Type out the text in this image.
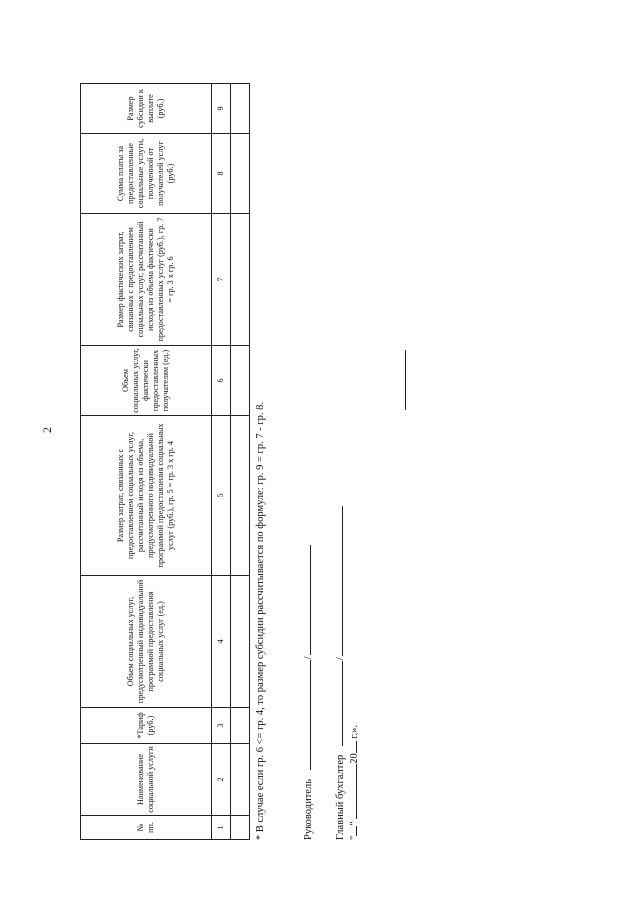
2
№ пп.	Наименование социальной услуги	*Тариф (руб.)	Объем социальных услуг, предусмотренный индивидуальной программой предоставления социальных услуг (ед.)	Размер затрат, связанных с предоставлением социальных услуг, рассчитанный исходя из объема, предусмотренного индивидуальной программой предоставления социальных услуг (руб.), гр. 5 = гр. 3 x гр. 4	Объем социальных услуг, фактически предоставленных получателям (ед.)	Размер фактических затрат, связанных с предоставлением социальных услуг, рассчитанный исходя из объема фактически предоставленных услуг (руб.), гр. 7 = гр. 3 x гр. 6	Сумма платы за предоставленные социальные услуги, полученной от получателей услуг (руб.)	Размер субсидии к выплате (руб.)
1	2	3	4	5	6	7	8	9

* В случае если гр. 6 <= гр. 4, то размер субсидии рассчитывается по формуле: гр. 9 = гр. 7 - гр. 8.	Руководитель /
Главный бухгалтер /
"" 20 г.».
